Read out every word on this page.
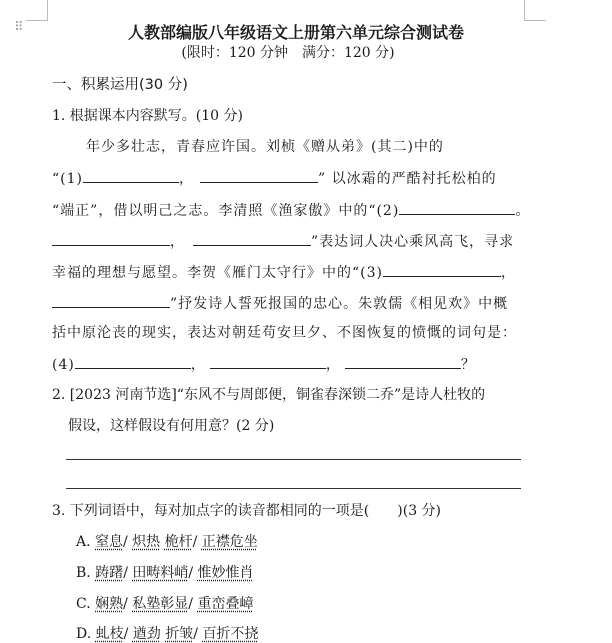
⠿	人教部编版八年级语文上册第六单元综合测试卷
(限时：120 分钟　满分：120 分)
一、积累运用(30 分)
1. 根据课本内容默写。(10 分)
年少多壮志，青春应许国。刘桢《赠从弟》(其二)中的
“(1)	，	” 以冰霜的严酷衬托松柏的
“端正”，借以明己之志。李清照《渔家傲》中的“(2)	。
，	”表达词人决心乘风高飞，寻求
幸福的理想与愿望。李贺《雁门太守行》中的“(3)	，
”抒发诗人誓死报国的忠心。朱敦儒《相见欢》中概
括中原沦丧的现实，表达对朝廷苟安旦夕、不图恢复的愤慨的词句是：
(4)	，	，	？
2. [2023 河南节选]“东风不与周郎便，铜雀春深锁二乔”是诗人杜牧的
假设，这样假设有何用意？(2 分)
3. 下列词语中，每对加点字的读音都相同的一项是(　　)(3 分)
A. 窒息/ 炽热 桅杆/ 正襟危坐
B. 踌躇/ 田畴料峭/ 惟妙惟肖
C. 娴熟/ 私塾彰显/ 重峦叠嶂
D. 虬枝/ 遒劲 折皱/ 百折不挠
